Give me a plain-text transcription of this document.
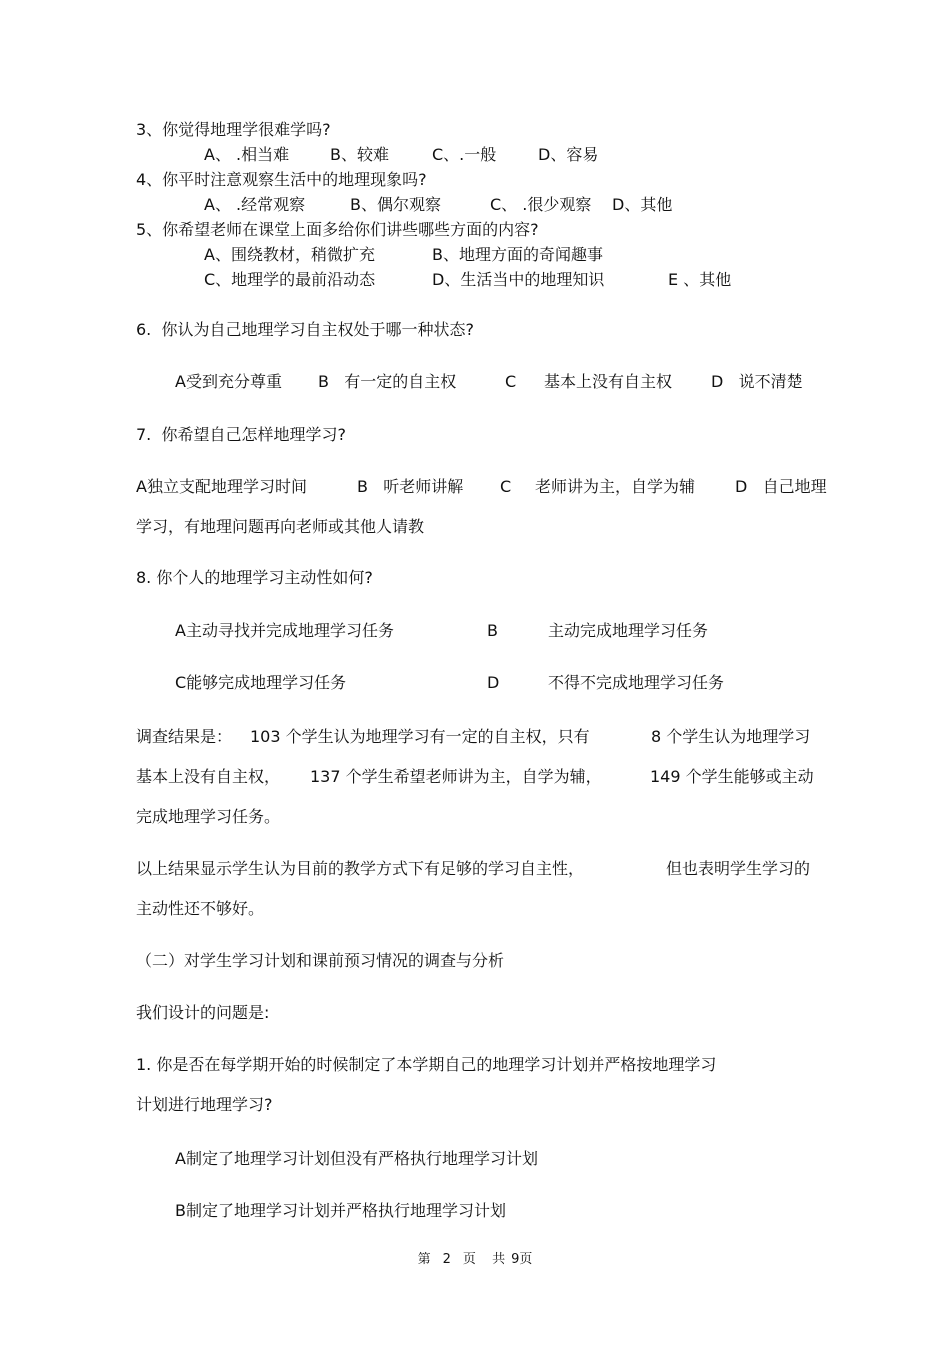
3、你觉得地理学很难学吗?
A、 .相当难	B、较难	C、.一般	D、容易
4、你平时注意观察生活中的地理现象吗?
A、 .经常观察	B、偶尔观察	C、 .很少观察 D、其他
5、你希望老师在课堂上面多给你们讲些哪些方面的内容?
A、围绕教材，稍微扩充	B、地理方面的奇闻趣事
C、地理学的最前沿动态	D、生活当中的地理知识	E 、其他
6.  你认为自己地理学习自主权处于哪一种状态?
A受到充分尊重 B   有一定的自主权	C 基本上没有自主权 D   说不清楚
7.  你希望自己怎样地理学习?
A独立支配地理学习时间	B   听老师讲解 C 老师讲为主，自学为辅 D   自己地理
学习，有地理问题再向老师或其他人请教
8. 你个人的地理学习主动性如何?
A主动寻找并完成地理学习任务	B	主动完成地理学习任务
C能够完成地理学习任务	D	不得不完成地理学习任务
调查结果是： 103 个学生认为地理学习有一定的自主权，只有	8 个学生认为地理学习
基本上没有自主权， 137 个学生希望老师讲为主，自学为辅，	149 个学生能够或主动
完成地理学习任务。
以上结果显示学生认为目前的教学方式下有足够的学习自主性，	但也表明学生学习的
主动性还不够好。
（二）对学生学习计划和课前预习情况的调查与分析
我们设计的问题是:
1. 你是否在每学期开始的时候制定了本学期自己的地理学习计划并严格按地理学习
计划进行地理学习?
A制定了地理学习计划但没有严格执行地理学习计划
B制定了地理学习计划并严格执行地理学习计划
第 2 页 共 9页
